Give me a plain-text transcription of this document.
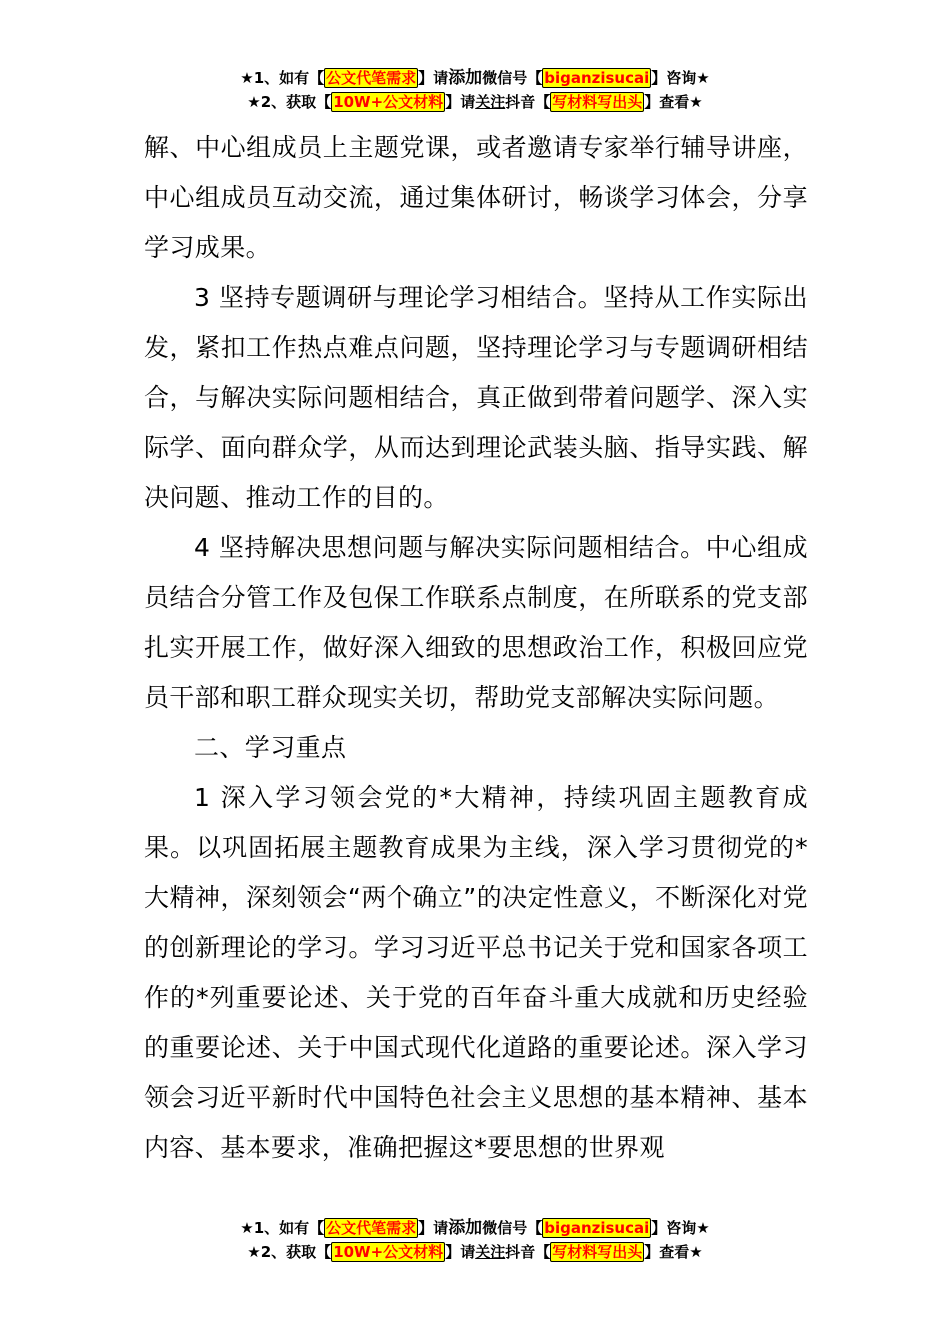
★1、如有【 公文代笔需求 】请添加微信号【 biganzisucai 】咨询★
★2、获取【 10W+公文材料 】请关注抖音【 写材料写出头 】查看★

解、中心组成员上主题党课，或者邀请专家举行辅导讲座，中心组成员互动交流，通过集体研讨，畅谈学习体会，分享学习成果。

3 坚持专题调研与理论学习相结合。坚持从工作实际出发，紧扣工作热点难点问题，坚持理论学习与专题调研相结合，与解决实际问题相结合，真正做到带着问题学、深入实际学、面向群众学，从而达到理论武装头脑、指导实践、解决问题、推动工作的目的。

4 坚持解决思想问题与解决实际问题相结合。中心组成员结合分管工作及包保工作联系点制度，在所联系的党支部扎实开展工作，做好深入细致的思想政治工作，积极回应党员干部和职工群众现实关切，帮助党支部解决实际问题。

二、学习重点

1 深入学习领会党的*大精神，持续巩固主题教育成果。以巩固拓展主题教育成果为主线，深入学习贯彻党的*大精神，深刻领会“两个确立”的决定性意义，不断深化对党的创新理论的学习。学习习近平总书记关于党和国家各项工作的*列重要论述、关于党的百年奋斗重大成就和历史经验的重要论述、关于中国式现代化道路的重要论述。深入学习领会习近平新时代中国特色社会主义思想的基本精神、基本内容、基本要求，准确把握这*要思想的世界观

★1、如有【 公文代笔需求 】请添加微信号【 biganzisucai 】咨询★
★2、获取【 10W+公文材料 】请关注抖音【 写材料写出头 】查看★
